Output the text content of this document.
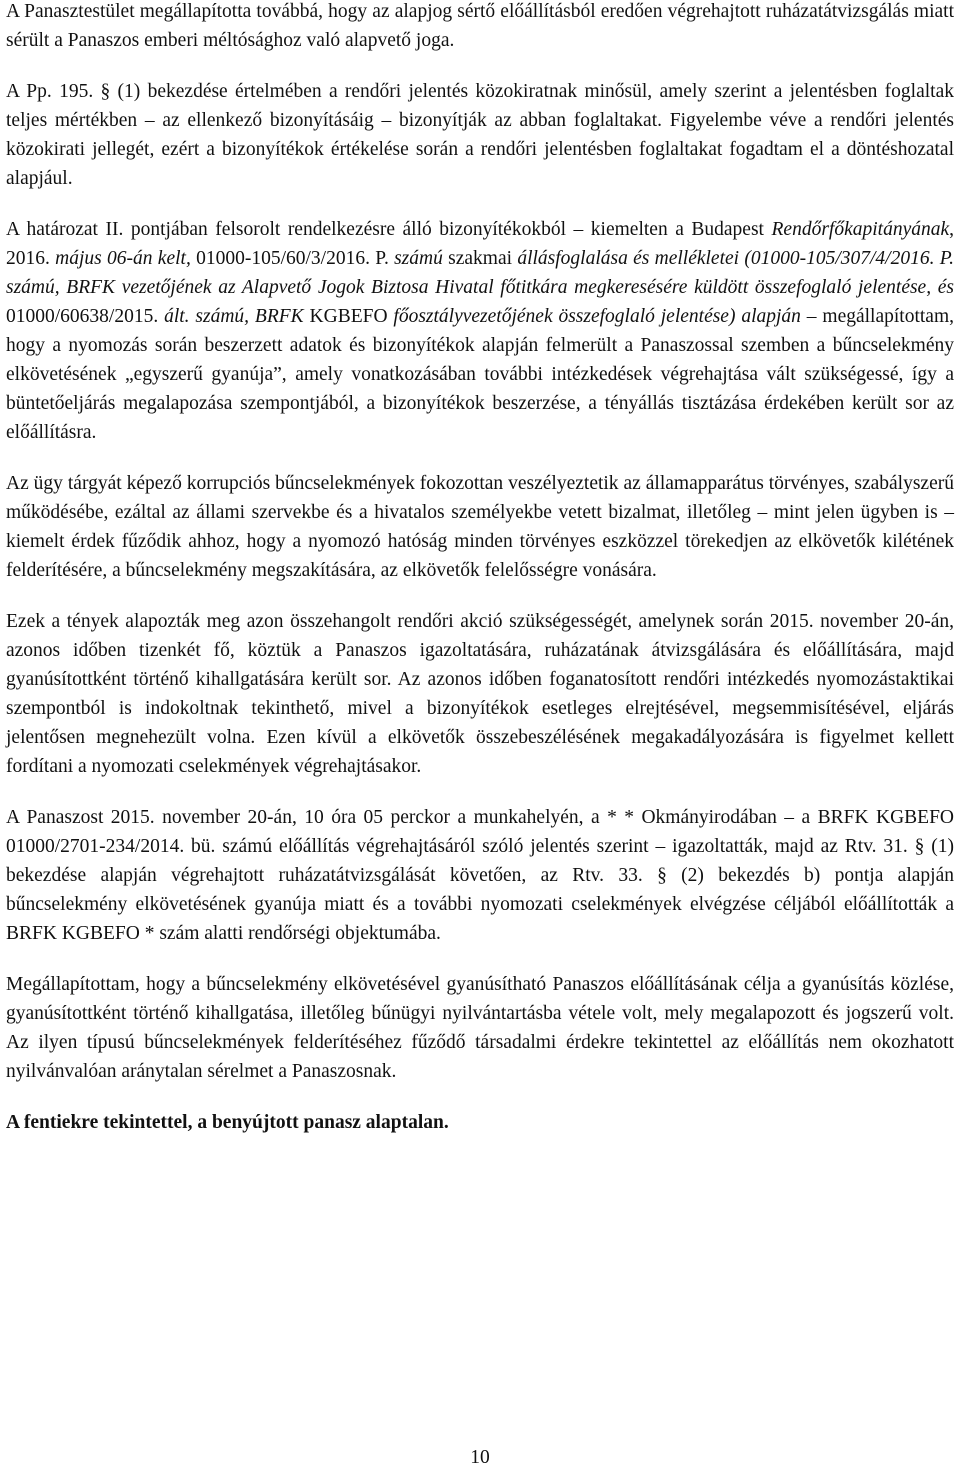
A Panasztestület megállapította továbbá, hogy az alapjog sértő előállításból eredően végrehajtott ruházatátvizsgálás miatt sérült a Panaszos emberi méltósághoz való alapvető joga.

A Pp. 195. § (1) bekezdése értelmében a rendőri jelentés közokiratnak minősül, amely szerint a jelentésben foglaltak teljes mértékben – az ellenkező bizonyításáig – bizonyítják az abban foglaltakat. Figyelembe véve a rendőri jelentés közokirati jellegét, ezért a bizonyítékok értékelése során a rendőri jelentésben foglaltakat fogadtam el a döntéshozatal alapjául.

A határozat II. pontjában felsorolt rendelkezésre álló bizonyítékokból – kiemelten a Budapest Rendőrfőkapitányának, 2016. május 06-án kelt, 01000-105/60/3/2016. P. számú szakmai állásfoglalása és mellékletei (01000-105/307/4/2016. P. számú, BRFK vezetőjének az Alapvető Jogok Biztosa Hivatal főtitkára megkeresésére küldött összefoglaló jelentése, és 01000/60638/2015. ált. számú, BRFK KGBEFO főosztályvezetőjének összefoglaló jelentése) alapján – megállapítottam, hogy a nyomozás során beszerzett adatok és bizonyítékok alapján felmerült a Panaszossal szemben a bűncselekmény elkövetésének „egyszerű gyanúja”, amely vonatkozásában további intézkedések végrehajtása vált szükségessé, így a büntetőeljárás megalapozása szempontjából, a bizonyítékok beszerzése, a tényállás tisztázása érdekében került sor az előállításra.

Az ügy tárgyát képező korrupciós bűncselekmények fokozottan veszélyeztetik az államapparátus törvényes, szabályszerű működésébe, ezáltal az állami szervekbe és a hivatalos személyekbe vetett bizalmat, illetőleg – mint jelen ügyben is – kiemelt érdek fűződik ahhoz, hogy a nyomozó hatóság minden törvényes eszközzel törekedjen az elkövetők kilétének felderítésére, a bűncselekmény megszakítására, az elkövetők felelősségre vonására.

Ezek a tények alapozták meg azon összehangolt rendőri akció szükségességét, amelynek során 2015. november 20-án, azonos időben tizenkét fő, köztük a Panaszos igazoltatására, ruházatának átvizsgálására és előállítására, majd gyanúsítottként történő kihallgatására került sor. Az azonos időben foganatosított rendőri intézkedés nyomozástaktikai szempontból is indokoltnak tekinthető, mivel a bizonyítékok esetleges elrejtésével, megsemmisítésével, eljárás jelentősen megnehezült volna. Ezen kívül a elkövetők összebeszélésének megakadályozására is figyelmet kellett fordítani a nyomozati cselekmények végrehajtásakor.

A Panaszost 2015. november 20-án, 10 óra 05 perckor a munkahelyén, a * * Okmányirodában – a BRFK KGBEFO 01000/2701-234/2014. bü. számú előállítás végrehajtásáról szóló jelentés szerint – igazoltatták, majd az Rtv. 31. § (1) bekezdése alapján végrehajtott ruházatátvizsgálását követően, az Rtv. 33. § (2) bekezdés b) pontja alapján bűncselekmény elkövetésének gyanúja miatt és a további nyomozati cselekmények elvégzése céljából előállították a BRFK KGBEFO * szám alatti rendőrségi objektumába.

Megállapítottam, hogy a bűncselekmény elkövetésével gyanúsítható Panaszos előállításának célja a gyanúsítás közlése, gyanúsítottként történő kihallgatása, illetőleg bűnügyi nyilvántartásba vétele volt, mely megalapozott és jogszerű volt. Az ilyen típusú bűncselekmények felderítéséhez fűződő társadalmi érdekre tekintettel az előállítás nem okozhatott nyilvánvalóan aránytalan sérelmet a Panaszosnak.

A fentiekre tekintettel, a benyújtott panasz alaptalan.

10
